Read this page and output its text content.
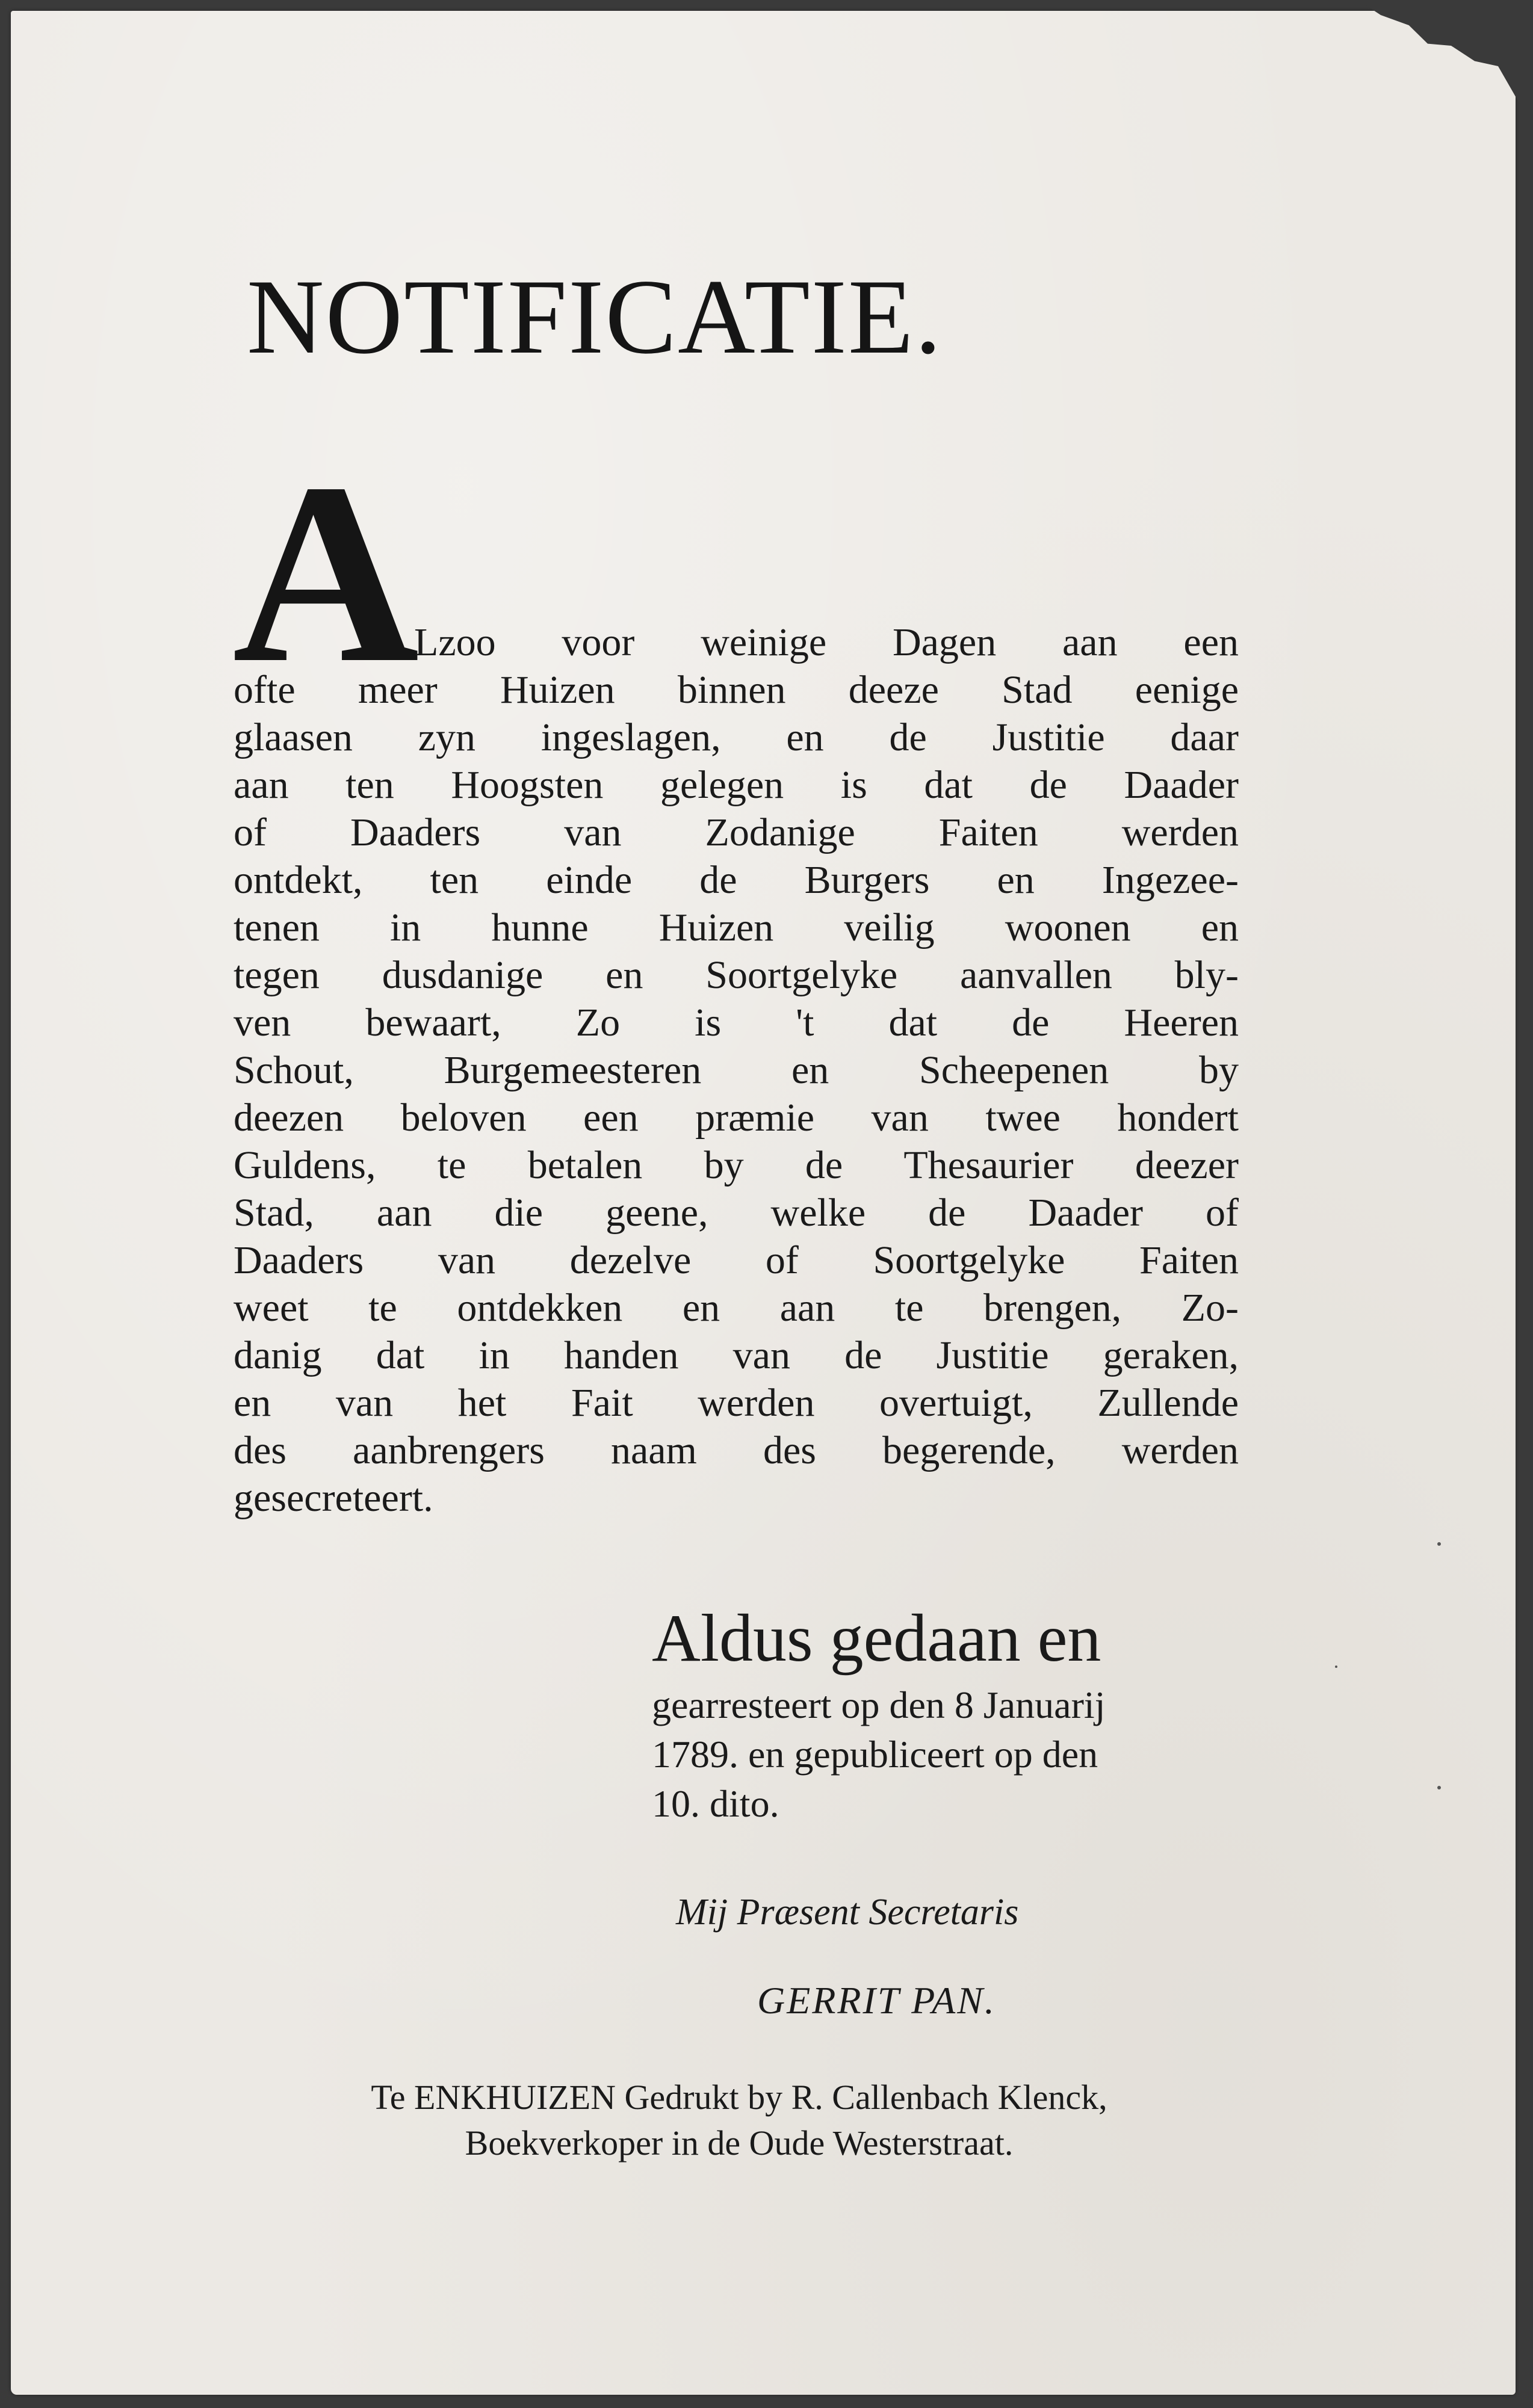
NOTIFICATIE.
A
Lzoo voor weinige Dagen aan een
ofte meer Huizen binnen deeze Stad eenige
glaasen zyn ingeslagen, en de Justitie daar
aan ten Hoogsten gelegen is dat de Daader
of Daaders van Zodanige Faiten werden
ontdekt, ten einde de Burgers en Ingezee-
tenen in hunne Huizen veilig woonen en
tegen dusdanige en Soortgelyke aanvallen bly-
ven bewaart, Zo is 't dat de Heeren
Schout, Burgemeesteren en Scheepenen by
deezen beloven een præmie van twee hondert
Guldens, te betalen by de Thesaurier deezer
Stad, aan die geene, welke de Daader of
Daaders van dezelve of Soortgelyke Faiten
weet te ontdekken en aan te brengen, Zo-
danig dat in handen van de Justitie geraken,
en van het Fait werden overtuigt, Zullende
des aanbrengers naam des begerende, werden
gesecreteert.
Aldus gedaan en
gearresteert op den 8 Januarij
1789. en gepubliceert op den
10. dito.
Mij Præsent Secretaris
GERRIT PAN.
Te ENKHUIZEN Gedrukt by R. Callenbach Klenck,
Boekverkoper in de Oude Westerstraat.
